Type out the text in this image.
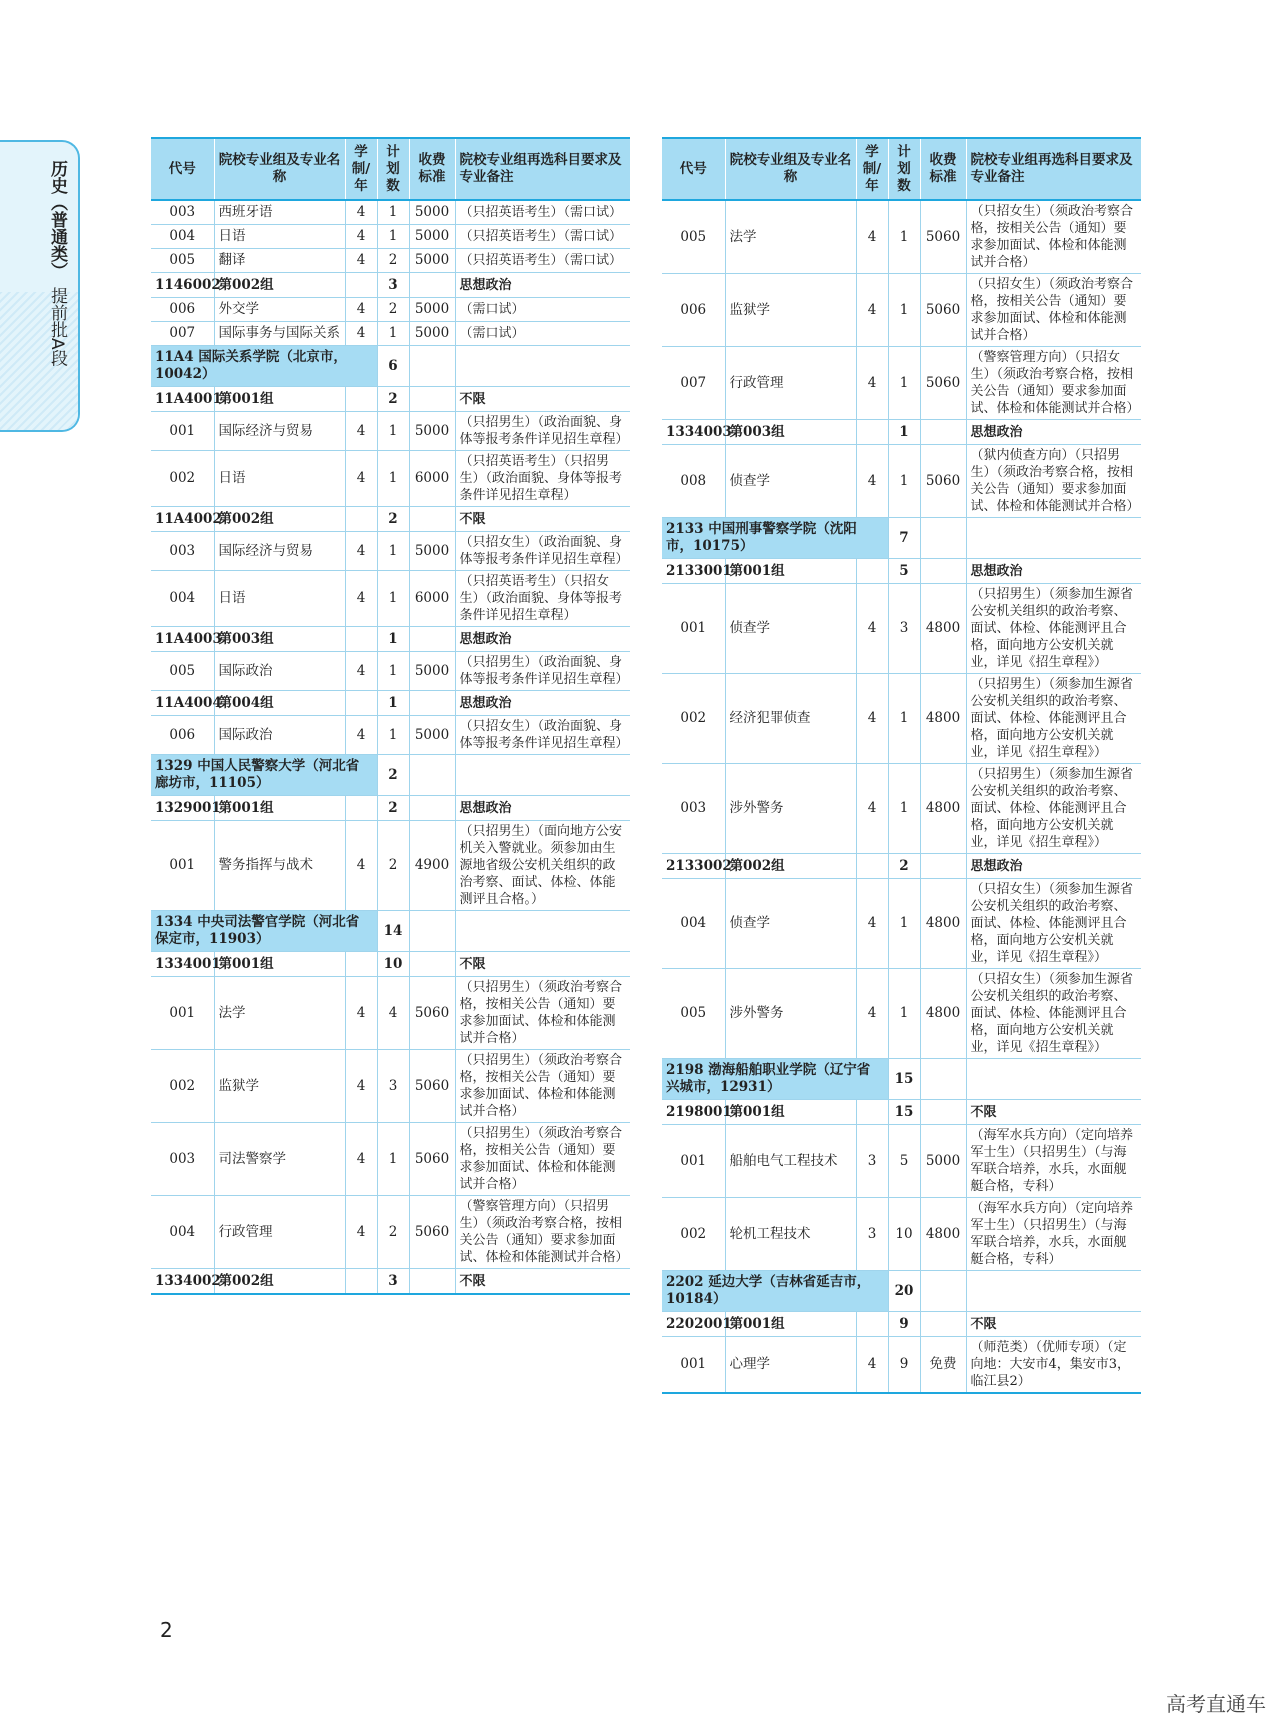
历史（普通类）
提前批A段
代号	院校专业组及专业名称	学制/年	计划数	收费标准	院校专业组再选科目要求及专业备注
003	西班牙语	4	1	5000	（只招英语考生）（需口试）
004	日语	4	1	5000	（只招英语考生）（需口试）
005	翻译	4	2	5000	（只招英语考生）（需口试）
1146002	第002组		3		思想政治
006	外交学	4	2	5000	（需口试）
007	国际事务与国际关系	4	1	5000	（需口试）
11A4 国际关系学院（北京市，10042）			6		
11A4001	第001组		2		不限
001	国际经济与贸易	4	1	5000	（只招男生）（政治面貌、身体等报考条件详见招生章程）
002	日语	4	1	6000	（只招英语考生）（只招男生）（政治面貌、身体等报考条件详见招生章程）
11A4002	第002组		2		不限
003	国际经济与贸易	4	1	5000	（只招女生）（政治面貌、身体等报考条件详见招生章程）
004	日语	4	1	6000	（只招英语考生）（只招女生）（政治面貌、身体等报考条件详见招生章程）
11A4003	第003组		1		思想政治
005	国际政治	4	1	5000	（只招男生）（政治面貌、身体等报考条件详见招生章程）
11A4004	第004组		1		思想政治
006	国际政治	4	1	5000	（只招女生）（政治面貌、身体等报考条件详见招生章程）
1329 中国人民警察大学（河北省廊坊市，11105）			2		
1329001	第001组		2		思想政治
001	警务指挥与战术	4	2	4900	（只招男生）（面向地方公安机关入警就业。须参加由生源地省级公安机关组织的政治考察、面试、体检、体能测评且合格。）
1334 中央司法警官学院（河北省保定市，11903）			14		
1334001	第001组		10		不限
001	法学	4	4	5060	（只招男生）（须政治考察合格，按相关公告（通知）要求参加面试、体检和体能测试并合格）
002	监狱学	4	3	5060	（只招男生）（须政治考察合格，按相关公告（通知）要求参加面试、体检和体能测试并合格）
003	司法警察学	4	1	5060	（只招男生）（须政治考察合格，按相关公告（通知）要求参加面试、体检和体能测试并合格）
004	行政管理	4	2	5060	（警察管理方向）（只招男生）（须政治考察合格，按相关公告（通知）要求参加面试、体检和体能测试并合格）
1334002	第002组		3		不限
代号	院校专业组及专业名称	学制/年	计划数	收费标准	院校专业组再选科目要求及专业备注
005	法学	4	1	5060	（只招女生）（须政治考察合格，按相关公告（通知）要求参加面试、体检和体能测试并合格）
006	监狱学	4	1	5060	（只招女生）（须政治考察合格，按相关公告（通知）要求参加面试、体检和体能测试并合格）
007	行政管理	4	1	5060	（警察管理方向）（只招女生）（须政治考察合格，按相关公告（通知）要求参加面试、体检和体能测试并合格）
1334003	第003组		1		思想政治
008	侦查学	4	1	5060	（狱内侦查方向）（只招男生）（须政治考察合格，按相关公告（通知）要求参加面试、体检和体能测试并合格）
2133 中国刑事警察学院（沈阳市，10175）			7		
2133001	第001组		5		思想政治
001	侦查学	4	3	4800	（只招男生）（须参加生源省公安机关组织的政治考察、面试、体检、体能测评且合格，面向地方公安机关就业，详见《招生章程》）
002	经济犯罪侦查	4	1	4800	（只招男生）（须参加生源省公安机关组织的政治考察、面试、体检、体能测评且合格，面向地方公安机关就业，详见《招生章程》）
003	涉外警务	4	1	4800	（只招男生）（须参加生源省公安机关组织的政治考察、面试、体检、体能测评且合格，面向地方公安机关就业，详见《招生章程》）
2133002	第002组		2		思想政治
004	侦查学	4	1	4800	（只招女生）（须参加生源省公安机关组织的政治考察、面试、体检、体能测评且合格，面向地方公安机关就业，详见《招生章程》）
005	涉外警务	4	1	4800	（只招女生）（须参加生源省公安机关组织的政治考察、面试、体检、体能测评且合格，面向地方公安机关就业，详见《招生章程》）
2198 渤海船舶职业学院（辽宁省兴城市，12931）			15		
2198001	第001组		15		不限
001	船舶电气工程技术	3	5	5000	（海军水兵方向）（定向培养军士生）（只招男生）（与海军联合培养，水兵，水面舰艇合格，专科）
002	轮机工程技术	3	10	4800	（海军水兵方向）（定向培养军士生）（只招男生）（与海军联合培养，水兵，水面舰艇合格，专科）
2202 延边大学（吉林省延吉市，10184）			20		
2202001	第001组		9		不限
001	心理学	4	9	免费	（师范类）（优师专项）（定向地：大安市4，集安市3，临江县2）
2
高考直通车
